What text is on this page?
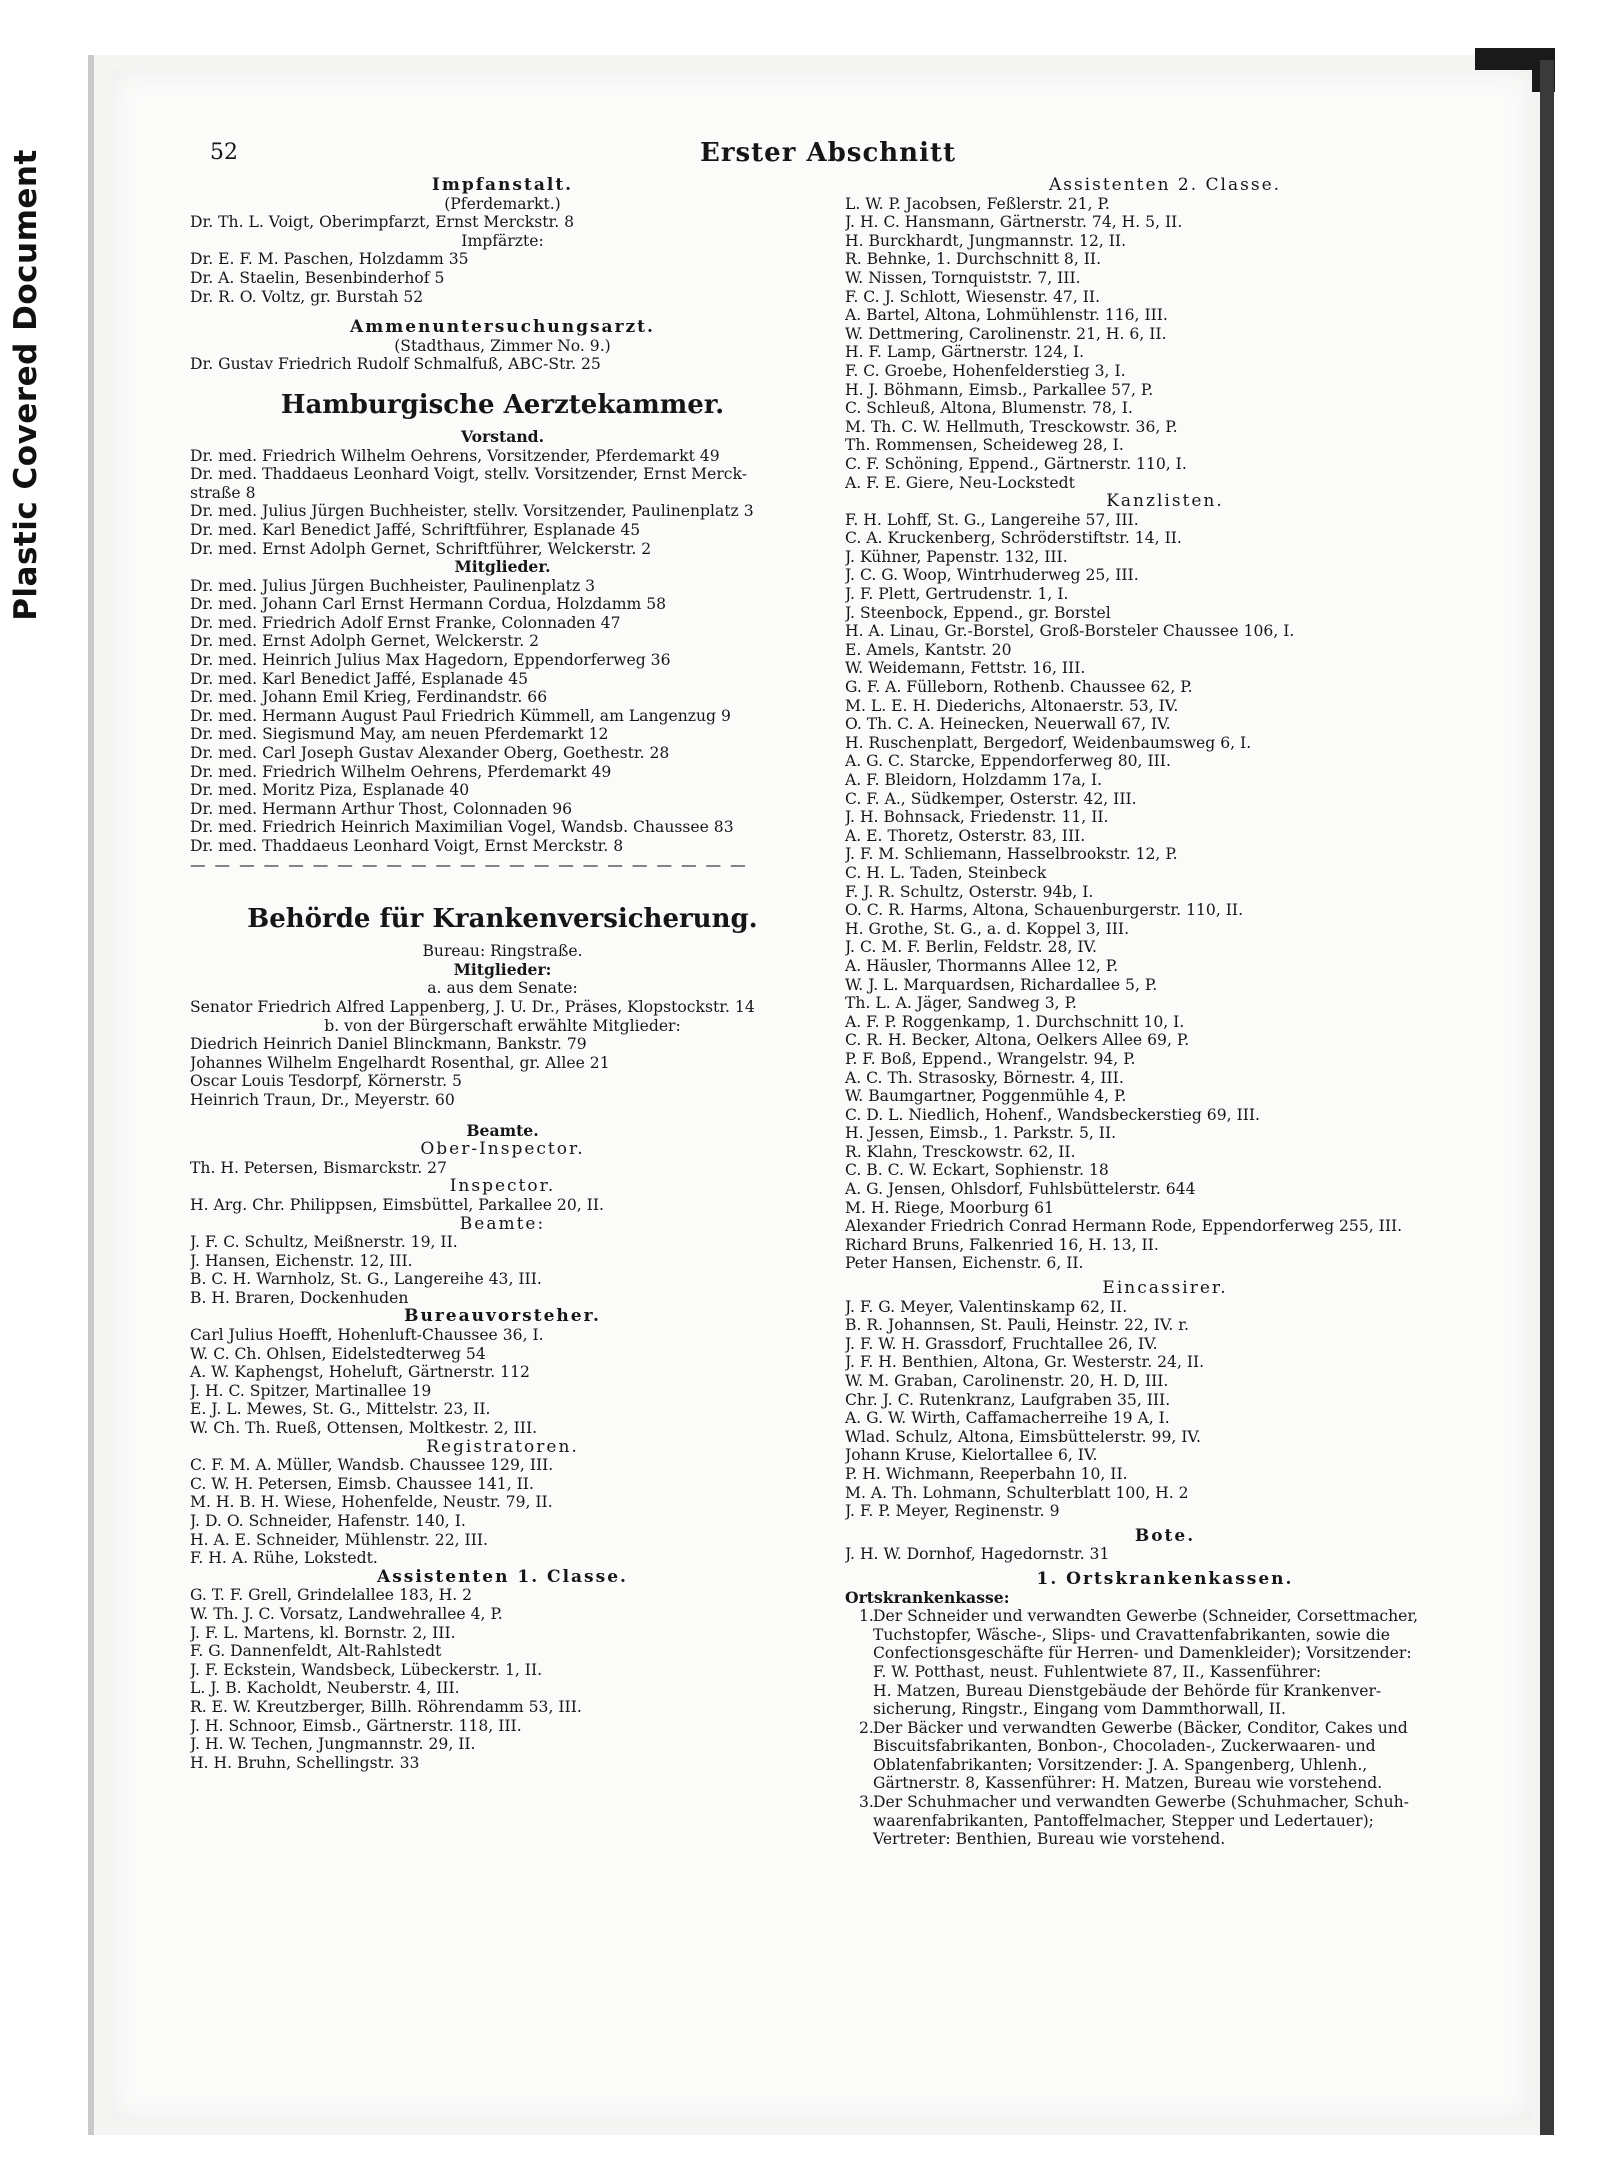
Plastic Covered Document	52	Erster Abschnitt
Impfanstalt.
(Pferdemarkt.)
Dr. Th. L. Voigt, Oberimpfarzt, Ernst Merckstr. 8
Impfärzte:
Dr. E. F. M. Paschen, Holzdamm 35
Dr. A. Staelin, Besenbinderhof 5
Dr. R. O. Voltz, gr. Burstah 52
Ammenuntersuchungsarzt.
(Stadthaus, Zimmer No. 9.)
Dr. Gustav Friedrich Rudolf Schmalfuß, ABC-Str. 25
Hamburgische Aerztekammer.
Vorstand.
Dr. med. Friedrich Wilhelm Oehrens, Vorsitzender, Pferdemarkt 49
Dr. med. Thaddaeus Leonhard Voigt, stellv. Vorsitzender, Ernst Merck-
straße 8
Dr. med. Julius Jürgen Buchheister, stellv. Vorsitzender, Paulinenplatz 3
Dr. med. Karl Benedict Jaffé, Schriftführer, Esplanade 45
Dr. med. Ernst Adolph Gernet, Schriftführer, Welckerstr. 2
Mitglieder.
Dr. med. Julius Jürgen Buchheister, Paulinenplatz 3
Dr. med. Johann Carl Ernst Hermann Cordua, Holzdamm 58
Dr. med. Friedrich Adolf Ernst Franke, Colonnaden 47
Dr. med. Ernst Adolph Gernet, Welckerstr. 2
Dr. med. Heinrich Julius Max Hagedorn, Eppendorferweg 36
Dr. med. Karl Benedict Jaffé, Esplanade 45
Dr. med. Johann Emil Krieg, Ferdinandstr. 66
Dr. med. Hermann August Paul Friedrich Kümmell, am Langenzug 9
Dr. med. Siegismund May, am neuen Pferdemarkt 12
Dr. med. Carl Joseph Gustav Alexander Oberg, Goethestr. 28
Dr. med. Friedrich Wilhelm Oehrens, Pferdemarkt 49
Dr. med. Moritz Piza, Esplanade 40
Dr. med. Hermann Arthur Thost, Colonnaden 96
Dr. med. Friedrich Heinrich Maximilian Vogel, Wandsb. Chaussee 83
Dr. med. Thaddaeus Leonhard Voigt, Ernst Merckstr. 8
— — — — — — — — — — — — — — — — — — — — — — —
Behörde für Krankenversicherung.
Bureau: Ringstraße.
Mitglieder:
a. aus dem Senate:
Senator Friedrich Alfred Lappenberg, J. U. Dr., Präses, Klopstockstr. 14
b. von der Bürgerschaft erwählte Mitglieder:
Diedrich Heinrich Daniel Blinckmann, Bankstr. 79
Johannes Wilhelm Engelhardt Rosenthal, gr. Allee 21
Oscar Louis Tesdorpf, Körnerstr. 5
Heinrich Traun, Dr., Meyerstr. 60
Beamte.
Ober-Inspector.
Th. H. Petersen, Bismarckstr. 27
Inspector.
H. Arg. Chr. Philippsen, Eimsbüttel, Parkallee 20, II.
Beamte:
J. F. C. Schultz, Meißnerstr. 19, II.
J. Hansen, Eichenstr. 12, III.
B. C. H. Warnholz, St. G., Langereihe 43, III.
B. H. Braren, Dockenhuden
Bureauvorsteher.
Carl Julius Hoefft, Hohenluft-Chaussee 36, I.
W. C. Ch. Ohlsen, Eidelstedterweg 54
A. W. Kaphengst, Hoheluft, Gärtnerstr. 112
J. H. C. Spitzer, Martinallee 19
E. J. L. Mewes, St. G., Mittelstr. 23, II.
W. Ch. Th. Rueß, Ottensen, Moltkestr. 2, III.
Registratoren.
C. F. M. A. Müller, Wandsb. Chaussee 129, III.
C. W. H. Petersen, Eimsb. Chaussee 141, II.
M. H. B. H. Wiese, Hohenfelde, Neustr. 79, II.
J. D. O. Schneider, Hafenstr. 140, I.
H. A. E. Schneider, Mühlenstr. 22, III.
F. H. A. Rühe, Lokstedt.
Assistenten 1. Classe.
G. T. F. Grell, Grindelallee 183, H. 2
W. Th. J. C. Vorsatz, Landwehrallee 4, P.
J. F. L. Martens, kl. Bornstr. 2, III.
F. G. Dannenfeldt, Alt-Rahlstedt
J. F. Eckstein, Wandsbeck, Lübeckerstr. 1, II.
L. J. B. Kacholdt, Neuberstr. 4, III.
R. E. W. Kreutzberger, Billh. Röhrendamm 53, III.
J. H. Schnoor, Eimsb., Gärtnerstr. 118, III.
J. H. W. Techen, Jungmannstr. 29, II.
H. H. Bruhn, Schellingstr. 33
Assistenten 2. Classe.
L. W. P. Jacobsen, Feßlerstr. 21, P.
J. H. C. Hansmann, Gärtnerstr. 74, H. 5, II.
H. Burckhardt, Jungmannstr. 12, II.
R. Behnke, 1. Durchschnitt 8, II.
W. Nissen, Tornquiststr. 7, III.
F. C. J. Schlott, Wiesenstr. 47, II.
A. Bartel, Altona, Lohmühlenstr. 116, III.
W. Dettmering, Carolinenstr. 21, H. 6, II.
H. F. Lamp, Gärtnerstr. 124, I.
F. C. Groebe, Hohenfelderstieg 3, I.
H. J. Böhmann, Eimsb., Parkallee 57, P.
C. Schleuß, Altona, Blumenstr. 78, I.
M. Th. C. W. Hellmuth, Tresckowstr. 36, P.
Th. Rommensen, Scheideweg 28, I.
C. F. Schöning, Eppend., Gärtnerstr. 110, I.
A. F. E. Giere, Neu-Lockstedt
Kanzlisten.
F. H. Lohff, St. G., Langereihe 57, III.
C. A. Kruckenberg, Schröderstiftstr. 14, II.
J. Kühner, Papenstr. 132, III.
J. C. G. Woop, Wintrhuderweg 25, III.
J. F. Plett, Gertrudenstr. 1, I.
J. Steenbock, Eppend., gr. Borstel
H. A. Linau, Gr.-Borstel, Groß-Borsteler Chaussee 106, I.
E. Amels, Kantstr. 20
W. Weidemann, Fettstr. 16, III.
G. F. A. Fülleborn, Rothenb. Chaussee 62, P.
M. L. E. H. Diederichs, Altonaerstr. 53, IV.
O. Th. C. A. Heinecken, Neuerwall 67, IV.
H. Ruschenplatt, Bergedorf, Weidenbaumsweg 6, I.
A. G. C. Starcke, Eppendorferweg 80, III.
A. F. Bleidorn, Holzdamm 17a, I.
C. F. A., Südkemper, Osterstr. 42, III.
J. H. Bohnsack, Friedenstr. 11, II.
A. E. Thoretz, Osterstr. 83, III.
J. F. M. Schliemann, Hasselbrookstr. 12, P.
C. H. L. Taden, Steinbeck
F. J. R. Schultz, Osterstr. 94b, I.
O. C. R. Harms, Altona, Schauenburgerstr. 110, II.
H. Grothe, St. G., a. d. Koppel 3, III.
J. C. M. F. Berlin, Feldstr. 28, IV.
A. Häusler, Thormanns Allee 12, P.
W. J. L. Marquardsen, Richardallee 5, P.
Th. L. A. Jäger, Sandweg 3, P.
A. F. P. Roggenkamp, 1. Durchschnitt 10, I.
C. R. H. Becker, Altona, Oelkers Allee 69, P.
P. F. Boß, Eppend., Wrangelstr. 94, P.
A. C. Th. Strasosky, Börnestr. 4, III.
W. Baumgartner, Poggenmühle 4, P.
C. D. L. Niedlich, Hohenf., Wandsbeckerstieg 69, III.
H. Jessen, Eimsb., 1. Parkstr. 5, II.
R. Klahn, Tresckowstr. 62, II.
C. B. C. W. Eckart, Sophienstr. 18
A. G. Jensen, Ohlsdorf, Fuhlsbüttelerstr. 644
M. H. Riege, Moorburg 61
Alexander Friedrich Conrad Hermann Rode, Eppendorferweg 255, III.
Richard Bruns, Falkenried 16, H. 13, II.
Peter Hansen, Eichenstr. 6, II.
Eincassirer.
J. F. G. Meyer, Valentinskamp 62, II.
B. R. Johannsen, St. Pauli, Heinstr. 22, IV. r.
J. F. W. H. Grassdorf, Fruchtallee 26, IV.
J. F. H. Benthien, Altona, Gr. Westerstr. 24, II.
W. M. Graban, Carolinenstr. 20, H. D, III.
Chr. J. C. Rutenkranz, Laufgraben 35, III.
A. G. W. Wirth, Caffamacherreihe 19 A, I.
Wlad. Schulz, Altona, Eimsbüttelerstr. 99, IV.
Johann Kruse, Kielortallee 6, IV.
P. H. Wichmann, Reeperbahn 10, II.
M. A. Th. Lohmann, Schulterblatt 100, H. 2
J. F. P. Meyer, Reginenstr. 9
Bote.
J. H. W. Dornhof, Hagedornstr. 31
1. Ortskrankenkassen.
Ortskrankenkasse:
1.Der Schneider und verwandten Gewerbe (Schneider, Corsettmacher,
Tuchstopfer, Wäsche-, Slips- und Cravattenfabrikanten, sowie die
Confectionsgeschäfte für Herren- und Damenkleider); Vorsitzender:
F. W. Potthast, neust. Fuhlentwiete 87, II., Kassenführer:
H. Matzen, Bureau Dienstgebäude der Behörde für Krankenver-
sicherung, Ringstr., Eingang vom Dammthorwall, II.
2.Der Bäcker und verwandten Gewerbe (Bäcker, Conditor, Cakes und
Biscuitsfabrikanten, Bonbon-, Chocoladen-, Zuckerwaaren- und
Oblatenfabrikanten; Vorsitzender: J. A. Spangenberg, Uhlenh.,
Gärtnerstr. 8, Kassenführer: H. Matzen, Bureau wie vorstehend.
3.Der Schuhmacher und verwandten Gewerbe (Schuhmacher, Schuh-
waarenfabrikanten, Pantoffelmacher, Stepper und Ledertauer);
Vertreter: Benthien, Bureau wie vorstehend.
